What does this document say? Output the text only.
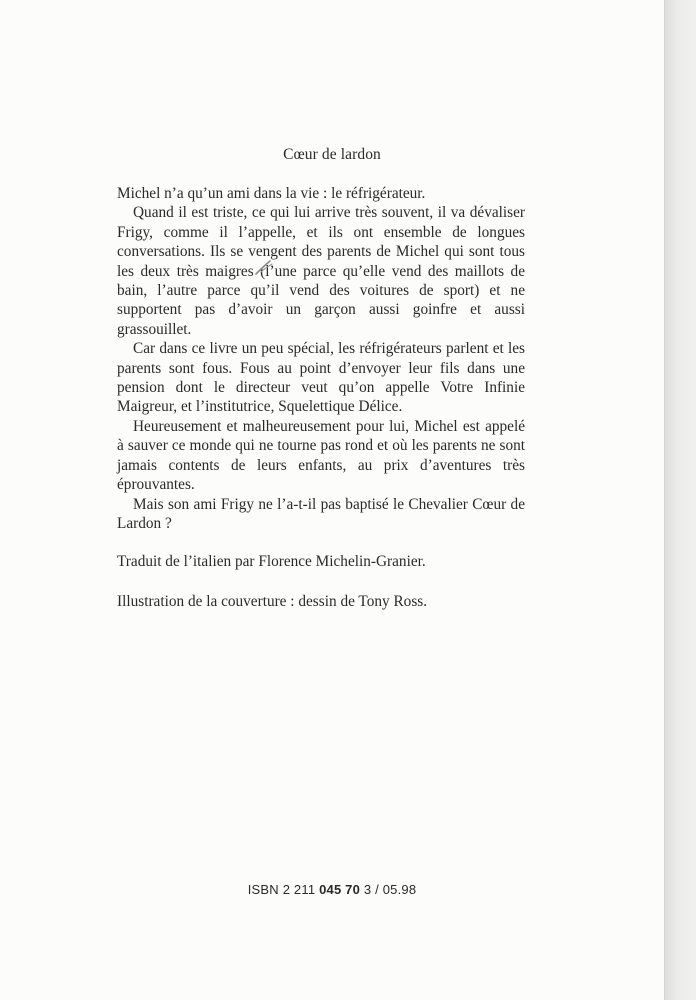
Cœur de lardon

Michel n’a qu’un ami dans la vie : le réfrigérateur.

Quand il est triste, ce qui lui arrive très souvent, il va dévaliser Frigy, comme il l’appelle, et ils ont ensemble de longues conversations. Ils se vengent des parents de Michel qui sont tous les deux très maigres (l’une parce qu’elle vend des maillots de bain, l’autre parce qu’il vend des voitures de sport) et ne supportent pas d’avoir un garçon aussi goinfre et aussi grassouillet.

Car dans ce livre un peu spécial, les réfrigérateurs parlent et les parents sont fous. Fous au point d’envoyer leur fils dans une pension dont le directeur veut qu’on appelle Votre Infinie Maigreur, et l’institutrice, Squelettique Délice.

Heureusement et malheureusement pour lui, Michel est appelé à sauver ce monde qui ne tourne pas rond et où les parents ne sont jamais contents de leurs enfants, au prix d’aventures très éprouvantes.

Mais son ami Frigy ne l’a-t-il pas baptisé le Chevalier Cœur de Lardon ?

Traduit de l’italien par Florence Michelin-Granier.
Illustration de la couverture : dessin de Tony Ross.
ISBN 2 211 045 70 3 / 05.98
